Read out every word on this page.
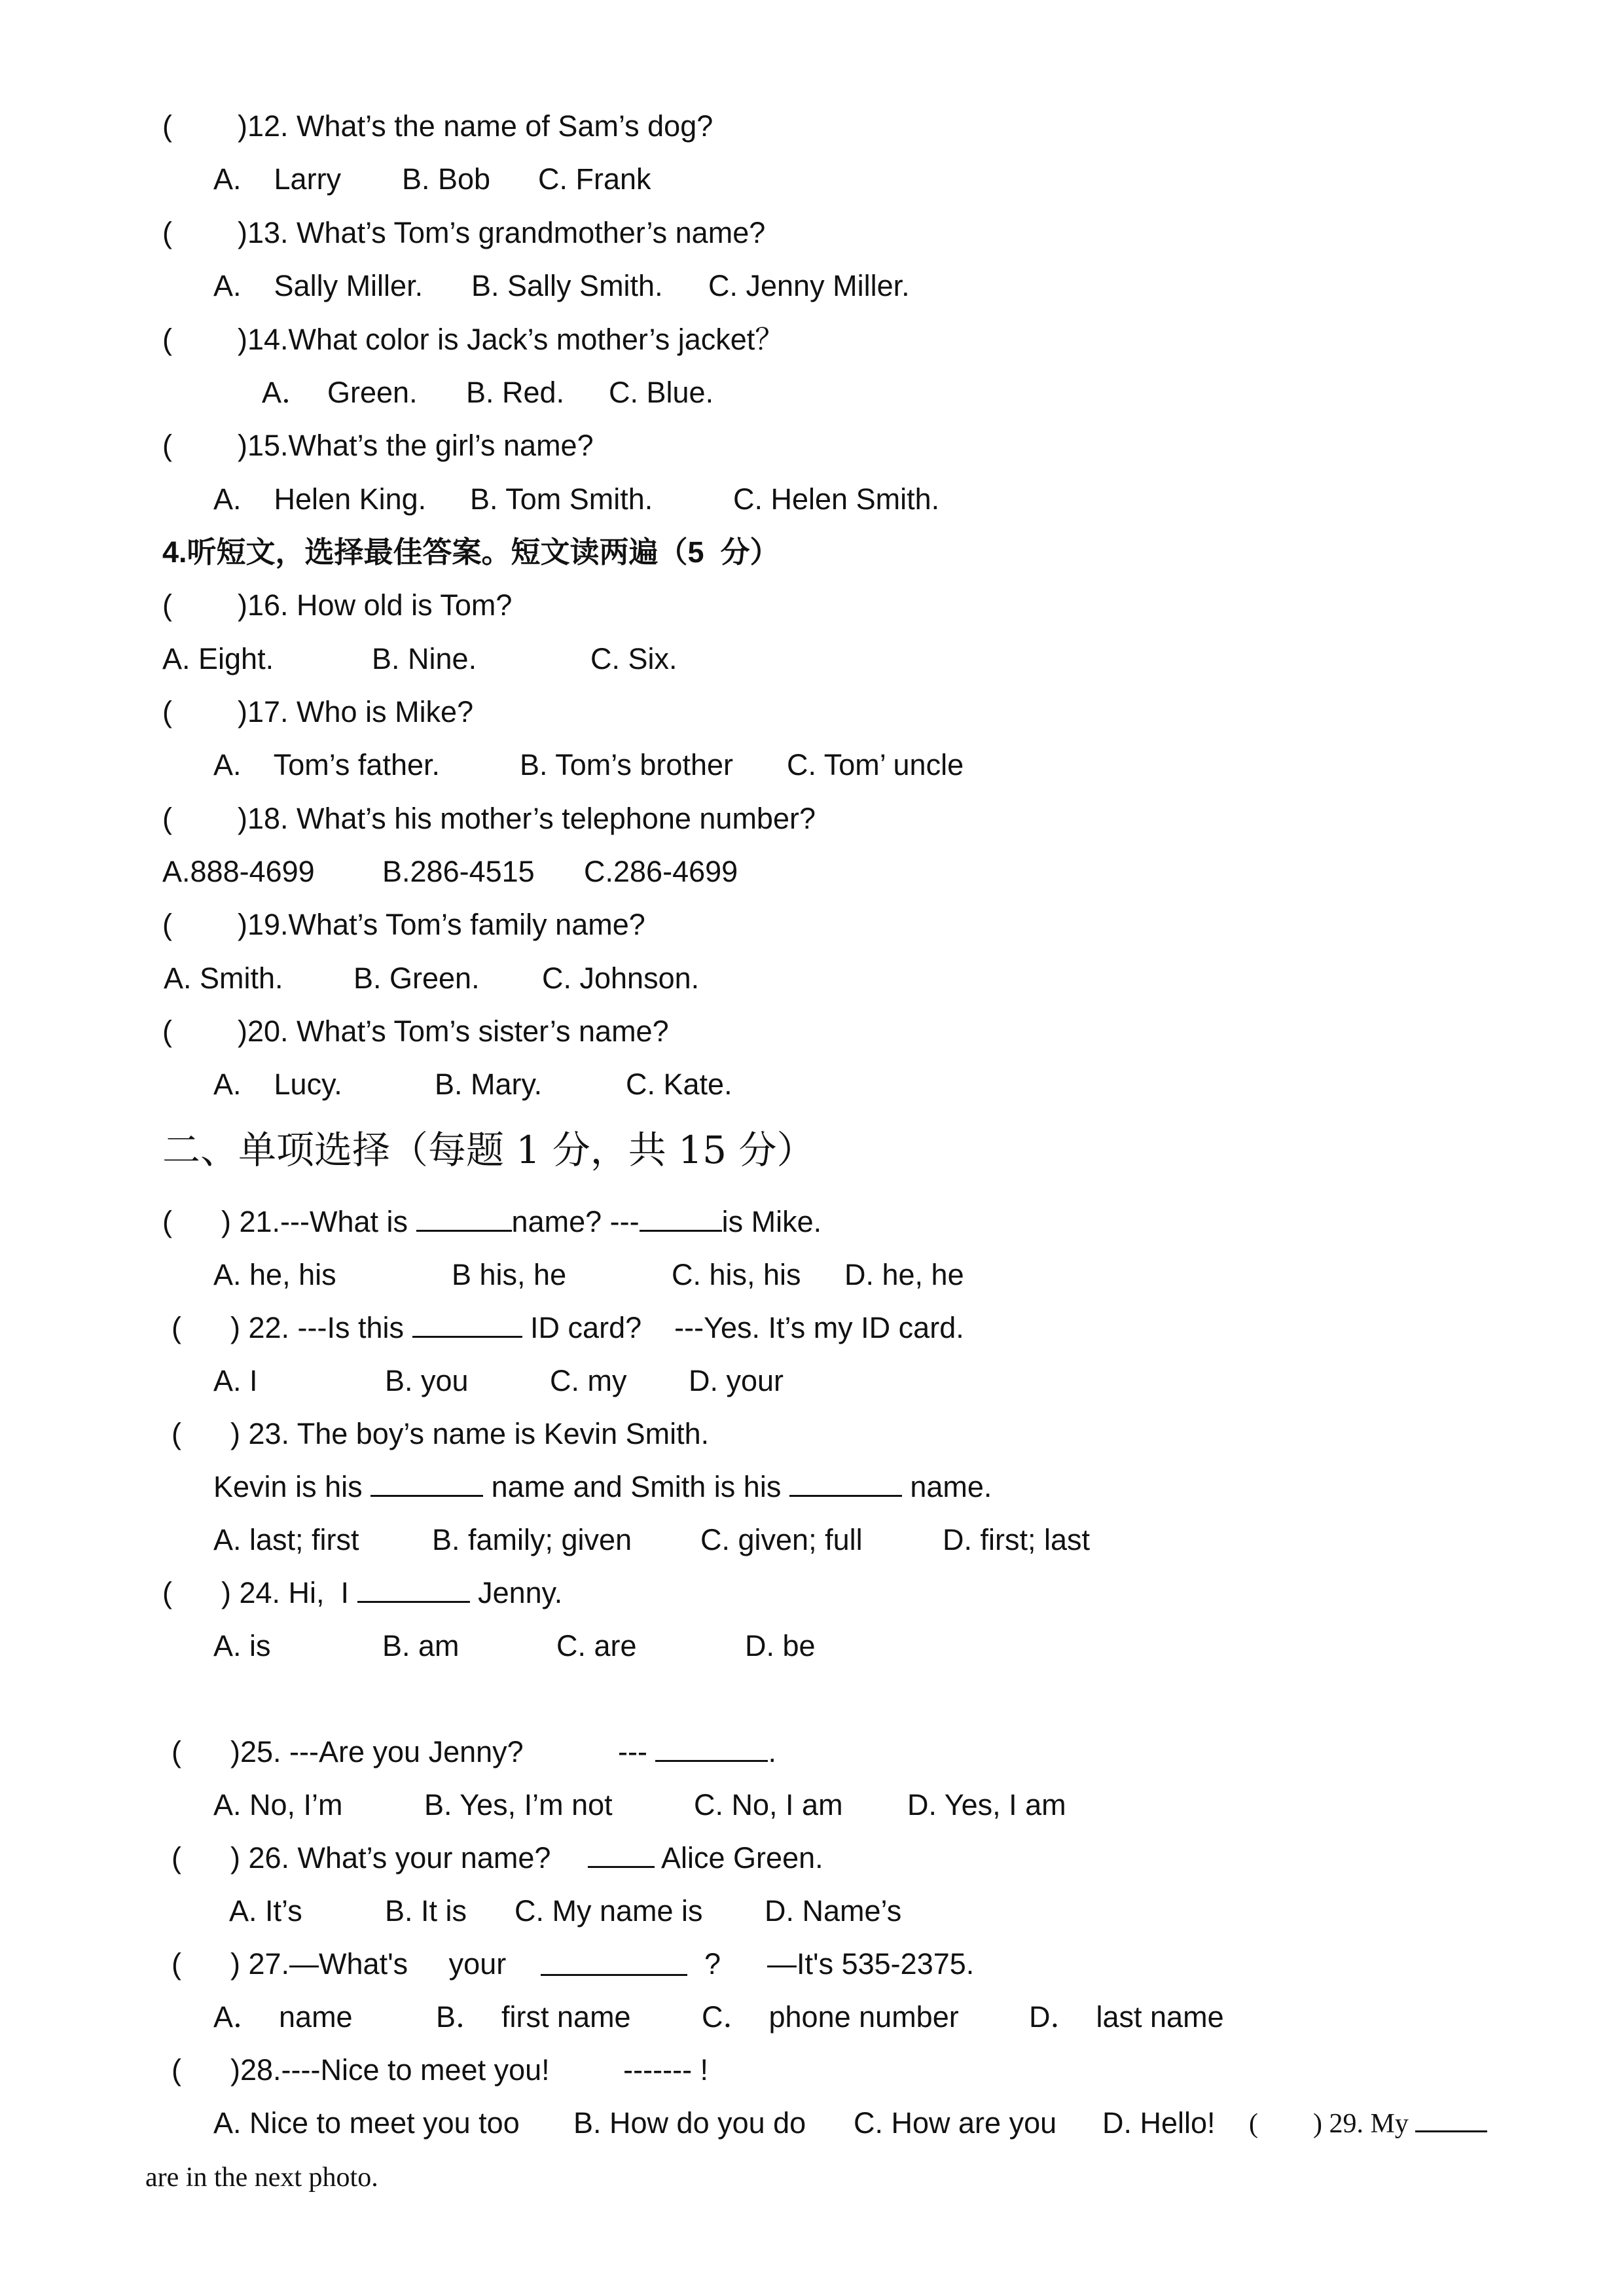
(        )12. What’s the name of Sam’s dog?
A.    Larry B. Bob C. Frank
(        )13. What’s Tom’s grandmother’s name?
A.    Sally Miller. B. Sally Smith. C. Jenny Miller.
(        )14.What color is Jack’s mother’s jacket？
A．  Green. B. Red. C. Blue.
(        )15.What’s the girl’s name?
A.    Helen King. B. Tom Smith.	C. Helen Smith.
4.听短文，选择最佳答案。短文读两遍（5  分）
(        )16. How old is Tom?
A. Eight.	B. Nine.	C. Six.
(        )17. Who is Mike?
A.    Tom’s father.	B. Tom’s brother C. Tom’ uncle
(        )18. What’s his mother’s telephone number?
A.888-4699 B.286-4515 C.286-4699
(        )19.What’s Tom’s family name?
A. Smith. B. Green. C. Johnson.
(        )20. What’s Tom’s sister’s name?
A.    Lucy.	B. Mary.	C. Kate.
二、单项选择（每题 1 分，共 15 分）
(      ) 21.---What is	name? ---	is Mike.
A. he, his	B his, he	C. his, his D. he, he
(      ) 22. ---Is this	ID card?    ---Yes. It’s my ID card.
A. I	B. you	C. my D. your
(      ) 23. The boy’s name is Kevin Smith.
Kevin is his	name and Smith is his	name.
A. last; first B. family; given C. given; full	D. first; last
(      ) 24. Hi,  I	Jenny.
A. is	B. am	C. are	D. be
(      )25. ---Are you Jenny?	---	.
A. No, I’m	B. Yes, I’m not	C. No, I am D. Yes, I am
(      ) 26. What’s your name?	Alice Green.
A. It’s	B. It is C. My name is D. Name’s
(      ) 27.—What's     your	? —It's 535-2375.
A．  name	B．  first name C．  phone number D．  last name
(      )28.----Nice to meet you!         ------- !
A. Nice to meet you too B. How do you do C. How are you D. Hello! (        ) 29. My
are in the next photo.
